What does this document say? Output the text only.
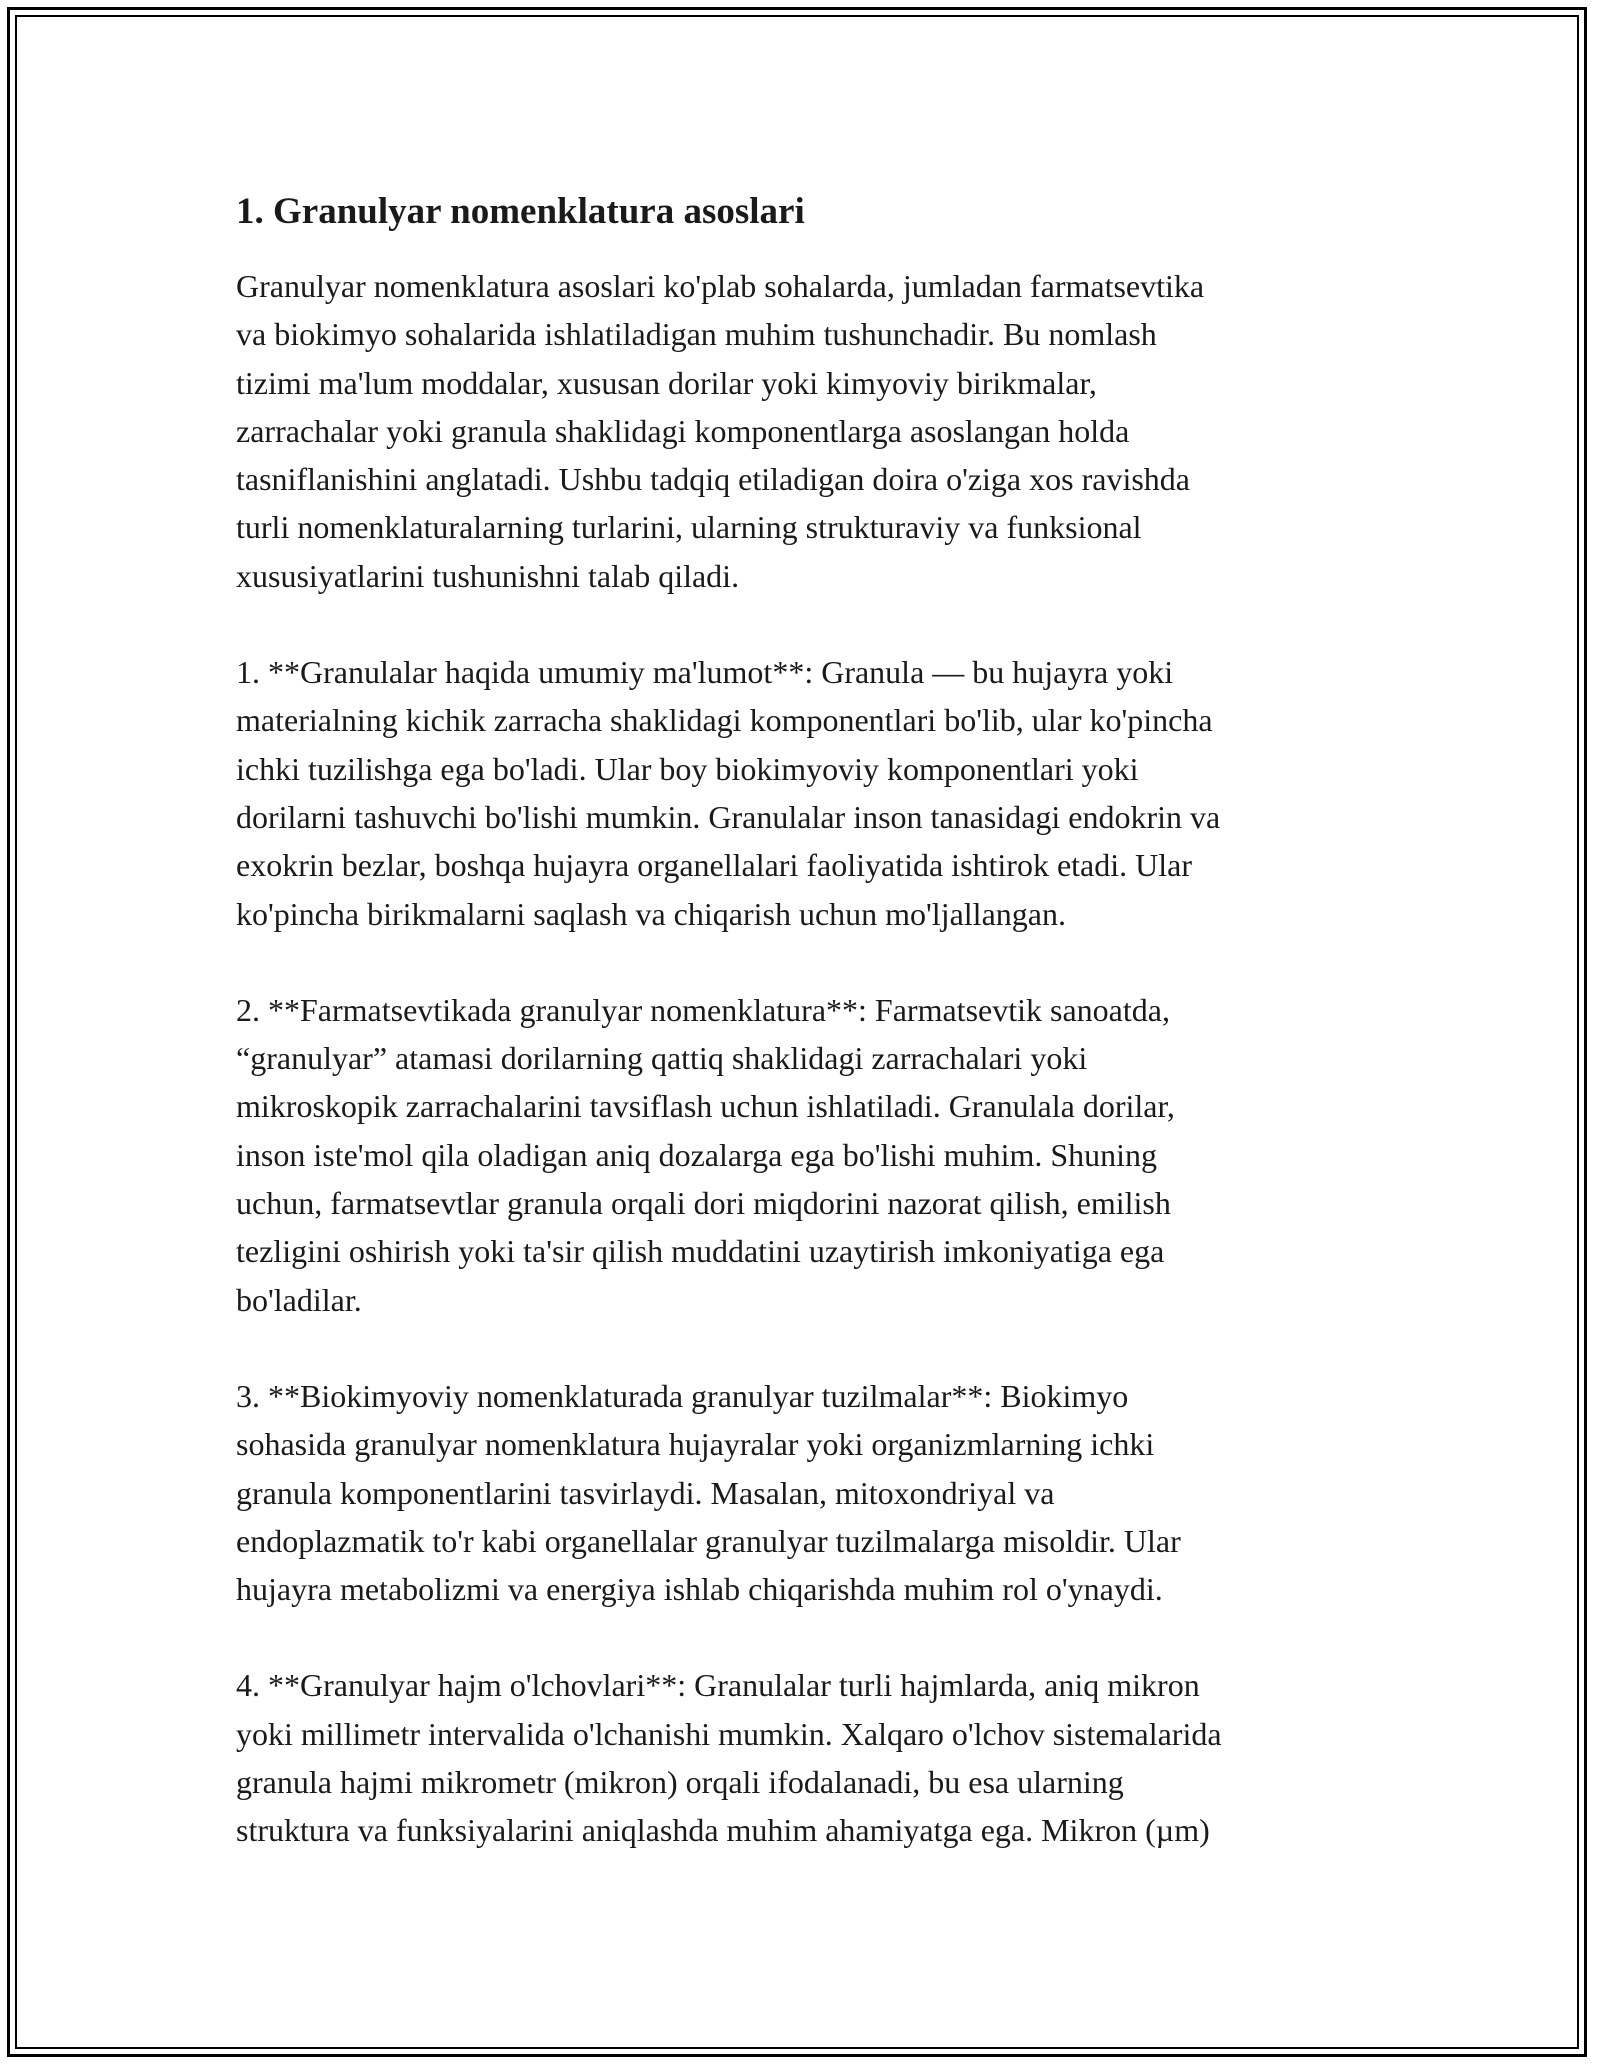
1. Granulyar nomenklatura asoslari

Granulyar nomenklatura asoslari ko'plab sohalarda, jumladan farmatsevtika
va biokimyo sohalarida ishlatiladigan muhim tushunchadir. Bu nomlash
tizimi ma'lum moddalar, xususan dorilar yoki kimyoviy birikmalar,
zarrachalar yoki granula shaklidagi komponentlarga asoslangan holda
tasniflanishini anglatadi. Ushbu tadqiq etiladigan doira o'ziga xos ravishda
turli nomenklaturalarning turlarini, ularning strukturaviy va funksional
xususiyatlarini tushunishni talab qiladi.

1. **Granulalar haqida umumiy ma'lumot**: Granula — bu hujayra yoki
materialning kichik zarracha shaklidagi komponentlari bo'lib, ular ko'pincha
ichki tuzilishga ega bo'ladi. Ular boy biokimyoviy komponentlari yoki
dorilarni tashuvchi bo'lishi mumkin. Granulalar inson tanasidagi endokrin va
exokrin bezlar, boshqa hujayra organellalari faoliyatida ishtirok etadi. Ular
ko'pincha birikmalarni saqlash va chiqarish uchun mo'ljallangan.

2. **Farmatsevtikada granulyar nomenklatura**: Farmatsevtik sanoatda,
“granulyar” atamasi dorilarning qattiq shaklidagi zarrachalari yoki
mikroskopik zarrachalarini tavsiflash uchun ishlatiladi. Granulala dorilar,
inson iste'mol qila oladigan aniq dozalarga ega bo'lishi muhim. Shuning
uchun, farmatsevtlar granula orqali dori miqdorini nazorat qilish, emilish
tezligini oshirish yoki ta'sir qilish muddatini uzaytirish imkoniyatiga ega
bo'ladilar.

3. **Biokimyoviy nomenklaturada granulyar tuzilmalar**: Biokimyo
sohasida granulyar nomenklatura hujayralar yoki organizmlarning ichki
granula komponentlarini tasvirlaydi. Masalan, mitoxondriyal va
endoplazmatik to'r kabi organellalar granulyar tuzilmalarga misoldir. Ular
hujayra metabolizmi va energiya ishlab chiqarishda muhim rol o'ynaydi.

4. **Granulyar hajm o'lchovlari**: Granulalar turli hajmlarda, aniq mikron
yoki millimetr intervalida o'lchanishi mumkin. Xalqaro o'lchov sistemalarida
granula hajmi mikrometr (mikron) orqali ifodalanadi, bu esa ularning
struktura va funksiyalarini aniqlashda muhim ahamiyatga ega. Mikron (µm)
